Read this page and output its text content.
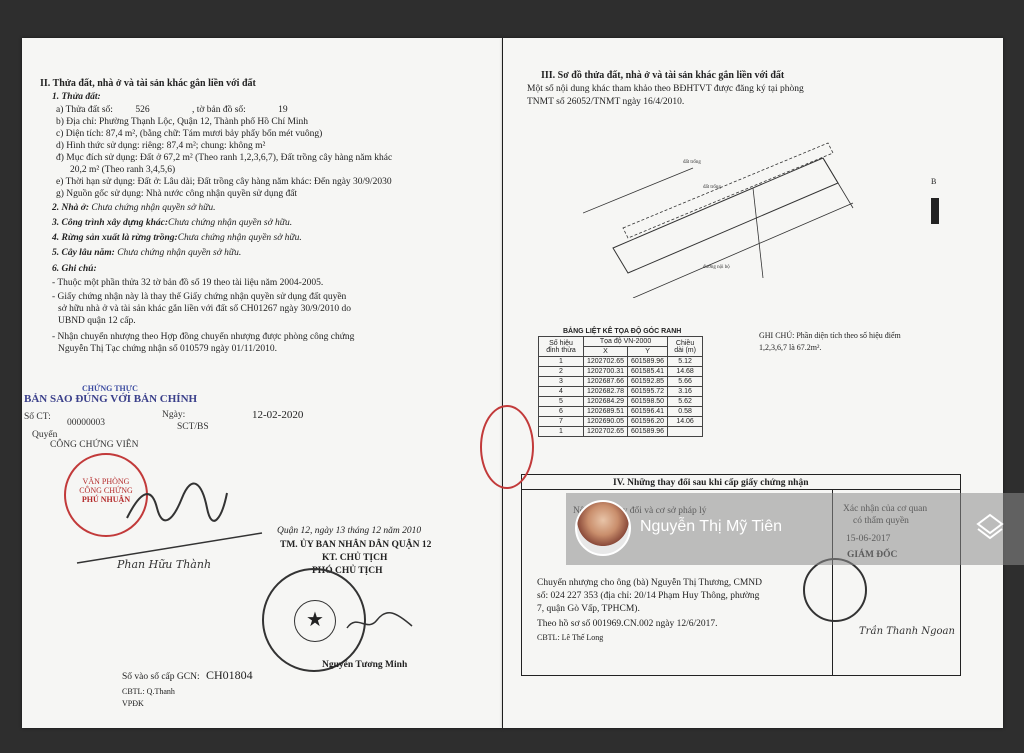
II. Thửa đất, nhà ở và tài sản khác gắn liền với đất
1. Thửa đất:
a) Thửa đất số: 526	, tờ bản đồ số:	19
b) Địa chỉ: Phường Thạnh Lộc, Quận 12, Thành phố Hồ Chí Minh
c) Diện tích: 87,4 m², (bằng chữ: Tám mươi bảy phẩy bốn mét vuông)
d) Hình thức sử dụng: riêng: 87,4 m²; chung: không m²
đ) Mục đích sử dụng: Đất ở 67,2 m² (Theo ranh 1,2,3,6,7), Đất trồng cây hàng năm khác
20,2 m² (Theo ranh 3,4,5,6)
e) Thời hạn sử dụng: Đất ở: Lâu dài; Đất trồng cây hàng năm khác: Đến ngày 30/9/2030
g) Nguồn gốc sử dụng: Nhà nước công nhận quyền sử dụng đất
2. Nhà ở: Chưa chứng nhận quyền sở hữu.
3. Công trình xây dựng khác:Chưa chứng nhận quyền sở hữu.
4. Rừng sản xuất là rừng trồng:Chưa chứng nhận quyền sở hữu.
5. Cây lâu năm: Chưa chứng nhận quyền sở hữu.
6. Ghi chú:
- Thuộc một phần thửa 32 tờ bản đồ số 19 theo tài liệu năm 2004-2005.
- Giấy chứng nhận này là thay thế Giấy chứng nhận quyền sử dụng đất quyền
sở hữu nhà ở và tài sản khác gắn liền với đất số CH01267 ngày 30/9/2010 do
UBND quận 12 cấp.
- Nhận chuyển nhượng theo Hợp đồng chuyển nhượng được phòng công chứng
Nguyễn Thị Tạc chứng nhận số 010579 ngày 01/11/2010.
CHỨNG THỰC
BẢN SAO ĐÚNG VỚI BẢN CHÍNH
Số CT:
00000003
Ngày:	12-02-2020
Quyển
SCT/BS
CÔNG CHỨNG VIÊN
VĂN PHÒNG
CÔNG CHỨNG
PHÚ NHUẬN
Phan Hữu Thành
Quận 12, ngày 13 tháng 12 năm 2010
TM. ỦY BAN NHÂN DÂN QUẬN 12
KT. CHỦ TỊCH
PHÓ CHỦ TỊCH
★
Nguyễn Tương Minh
Số vào sổ cấp GCN: CH01804
CBTL: Q.Thanh
VPĐK
III. Sơ đồ thửa đất, nhà ở và tài sản khác gắn liền với đất
Một số nội dung khác tham khảo theo BĐHTVT được đăng ký tại phòng
TNMT số 26052/TNMT ngày 16/4/2010.
đất trống
đất trống
đường nội bộ
B
BẢNG LIỆT KÊ TỌA ĐỘ GÓC RANH
Số hiệu đỉnh thửa	Tọa độ VN-2000		Chiều dài (m)
	X	Y	
1	1202702.65	601589.96	5.12
2	1202700.31	601585.41	14.68
3	1202687.66	601592.85	5.66
4	1202682.78	601595.72	3.16
5	1202684.29	601598.50	5.62
6	1202689.51	601596.41	0.58
7	1202690.05	601596.20	14.06
1	1202702.65	601589.96	
GHI CHÚ: Phần diện tích theo số hiệu điểm
1,2,3,6,7 là 67.2m².
IV. Những thay đổi sau khi cấp giấy chứng nhận
Trần Thanh Ngoan
Chuyển nhượng cho ông (bà) Nguyễn Thị Thương, CMND
số: 024 227 353 (địa chỉ: 20/14 Phạm Huy Thông, phường
7, quận Gò Vấp, TPHCM).
Theo hồ sơ số 001969.CN.002 ngày 12/6/2017.
CBTL: Lê Thế Long
Nguyễn Thị Mỹ Tiên
